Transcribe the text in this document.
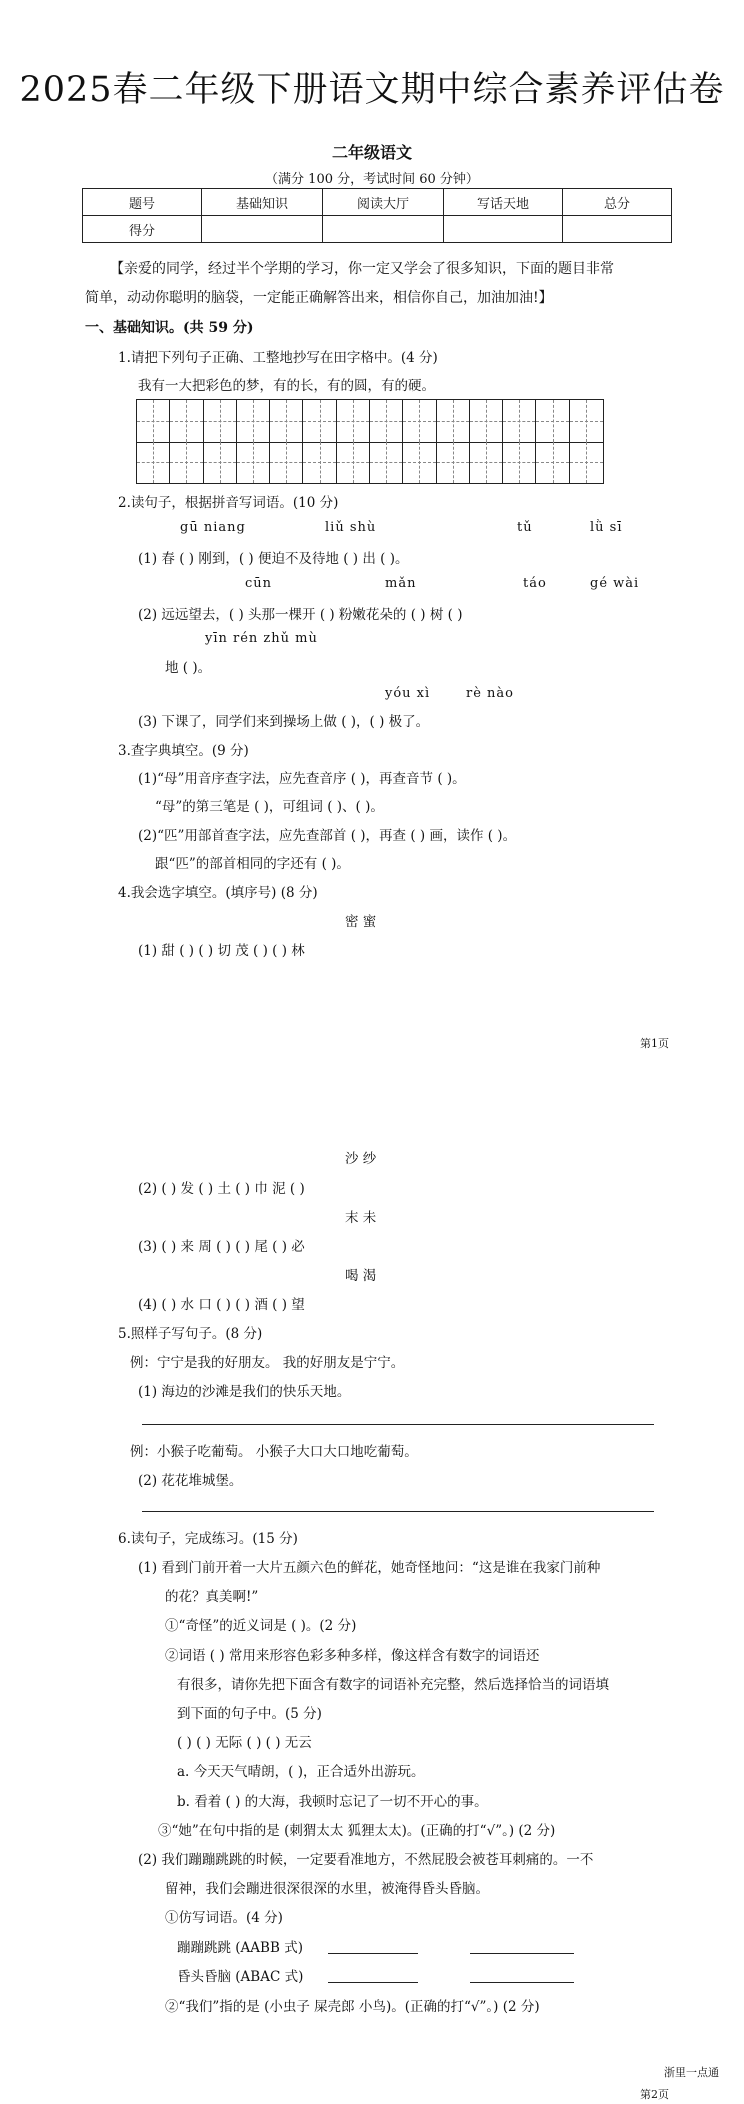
2025春二年级下册语文期中综合素养评估卷
二年级语文
（满分 100 分，考试时间 60 分钟）
题号	基础知识	阅读大厅	写话天地	总分
得分				
【亲爱的同学，经过半个学期的学习，你一定又学会了很多知识，下面的题目非常
简单，动动你聪明的脑袋，一定能正确解答出来，相信你自己，加油加油!】
一、基础知识。(共 59 分)
1.请把下列句子正确、工整地抄写在田字格中。(4 分)
我有一大把彩色的梦，有的长，有的圆，有的硬。
2.读句子，根据拼音写词语。(10 分)
gū niang	liǔ shù	tǔ	lǜ sī
(1) 春 ( ) 刚到，( ) 便迫不及待地 ( ) 出 ( )。
cūn	mǎn	táo	gé wài
(2) 远远望去，( ) 头那一棵开 ( ) 粉嫩花朵的 ( ) 树 ( )
yīn rén zhǔ mù
地 ( )。
yóu xì	rè nào
(3) 下课了，同学们来到操场上做 ( )，( ) 极了。
3.查字典填空。(9 分)
(1)“母”用音序查字法，应先查音序 ( )，再查音节 ( )。
“母”的第三笔是 ( )，可组词 ( )、( )。
(2)“匹”用部首查字法，应先查部首 ( )，再查 ( ) 画，读作 ( )。
跟“匹”的部首相同的字还有 ( )。
4.我会选字填空。(填序号) (8 分)
密 蜜
(1) 甜 ( ) ( ) 切 茂 ( ) ( ) 林
第1页
沙 纱
(2) ( ) 发 ( ) 土 ( ) 巾 泥 ( )
末 未
(3) ( ) 来 周 ( ) ( ) 尾 ( ) 必
喝 渴
(4) ( ) 水 口 ( ) ( ) 酒 ( ) 望
5.照样子写句子。(8 分)
例：宁宁是我的好朋友。 我的好朋友是宁宁。
(1) 海边的沙滩是我们的快乐天地。
例：小猴子吃葡萄。 小猴子大口大口地吃葡萄。
(2) 花花堆城堡。
6.读句子，完成练习。(15 分)
(1) 看到门前开着一大片五颜六色的鲜花，她奇怪地问：“这是谁在我家门前种
的花？真美啊!”
①“奇怪”的近义词是 ( )。(2 分)
②词语 ( ) 常用来形容色彩多种多样，像这样含有数字的词语还
有很多，请你先把下面含有数字的词语补充完整，然后选择恰当的词语填
到下面的句子中。(5 分)
( ) ( ) 无际 ( ) ( ) 无云
a. 今天天气晴朗，( )，正合适外出游玩。
b. 看着 ( ) 的大海，我顿时忘记了一切不开心的事。
③“她”在句中指的是 (刺猬太太 狐狸太太)。(正确的打“√”。) (2 分)
(2) 我们蹦蹦跳跳的时候，一定要看准地方，不然屁股会被苍耳刺痛的。一不
留神，我们会蹦进很深很深的水里，被淹得昏头昏脑。
①仿写词语。(4 分)
蹦蹦跳跳 (AABB 式)
昏头昏脑 (ABAC 式)
②“我们”指的是 (小虫子 屎壳郎 小鸟)。(正确的打“√”。) (2 分)
浙里一点通
第2页
